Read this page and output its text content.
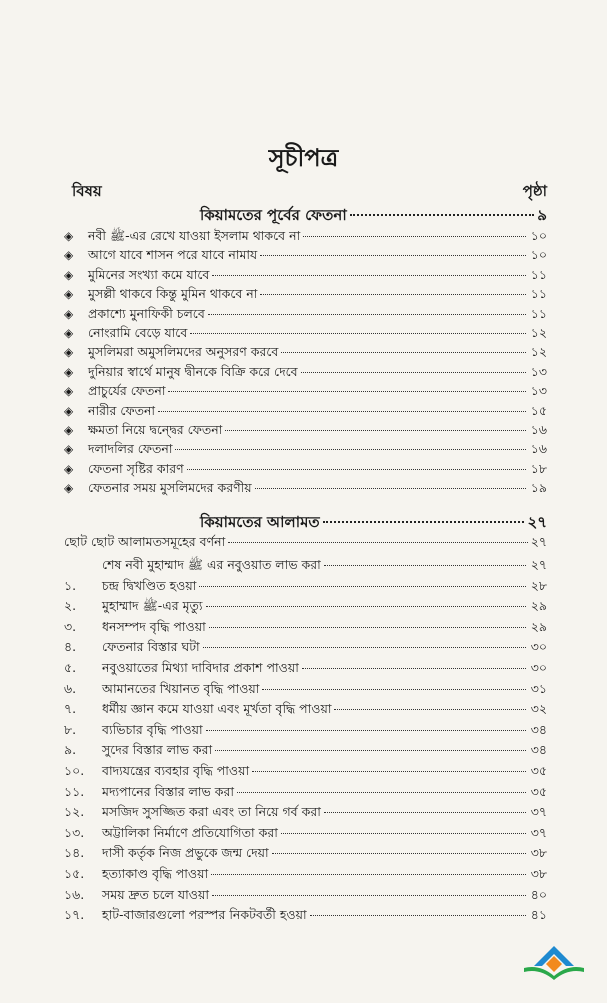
সূচীপত্র
বিষয়	পৃষ্ঠা
কিয়ামতের পূর্বের ফেতনা	৯
◈	নবী ﷺ-এর রেখে যাওয়া ইসলাম থাকবে না	১০
◈	আগে যাবে শাসন পরে যাবে নামায	১০
◈	মুমিনের সংখ্যা কমে যাবে	১১
◈	মুসল্লী থাকবে কিন্তু মুমিন থাকবে না	১১
◈	প্রকাশ্যে মুনাফিকী চলবে	১১
◈	নোংরামি বেড়ে যাবে	১২
◈	মুসলিমরা অমুসলিমদের অনুসরণ করবে	১২
◈	দুনিয়ার স্বার্থে মানুষ দ্বীনকে বিক্রি করে দেবে	১৩
◈	প্রাচুর্যের ফেতনা	১৩
◈	নারীর ফেতনা	১৫
◈	ক্ষমতা নিয়ে দ্বন্দ্বের ফেতনা	১৬
◈	দলাদলির ফেতনা	১৬
◈	ফেতনা সৃষ্টির কারণ	১৮
◈	ফেতনার সময় মুসলিমদের করণীয়	১৯
কিয়ামতের আলামত	২৭
ছোট ছোট আলামতসমূহের বর্ণনা	২৭
শেষ নবী মুহাম্মাদ ﷺ এর নবুওয়াত লাভ করা	২৭
১.	চন্দ্র দ্বিখণ্ডিত হওয়া	২৮
২.	মুহাম্মাদ ﷺ-এর মৃত্যু	২৯
৩.	ধনসম্পদ বৃদ্ধি পাওয়া	২৯
৪.	ফেতনার বিস্তার ঘটা	৩০
৫.	নবুওয়াতের মিথ্যা দাবিদার প্রকাশ পাওয়া	৩০
৬.	আমানতের খিয়ানত বৃদ্ধি পাওয়া	৩১
৭.	ধর্মীয় জ্ঞান কমে যাওয়া এবং মূর্খতা বৃদ্ধি পাওয়া	৩২
৮.	ব্যভিচার বৃদ্ধি পাওয়া	৩৪
৯.	সুদের বিস্তার লাভ করা	৩৪
১০.	বাদ্যযন্ত্রের ব্যবহার বৃদ্ধি পাওয়া	৩৫
১১.	মদ্যপানের বিস্তার লাভ করা	৩৫
১২.	মসজিদ সুসজ্জিত করা এবং তা নিয়ে গর্ব করা	৩৭
১৩.	অট্টালিকা নির্মাণে প্রতিযোগিতা করা	৩৭
১৪.	দাসী কর্তৃক নিজ প্রভুকে জন্ম দেয়া	৩৮
১৫.	হত্যাকাণ্ড বৃদ্ধি পাওয়া	৩৮
১৬.	সময় দ্রুত চলে যাওয়া	৪০
১৭.	হাট-বাজারগুলো পরস্পর নিকটবর্তী হওয়া	৪১
